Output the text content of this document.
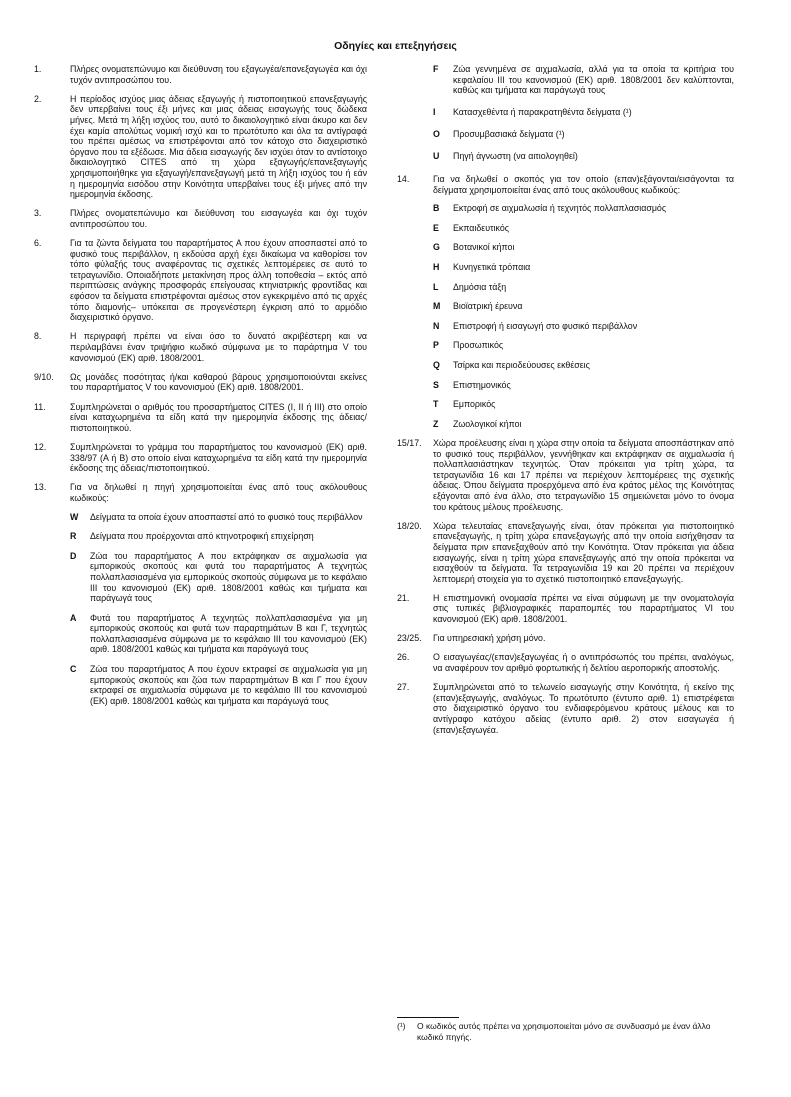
Οδηγίες και επεξηγήσεις
1.	Πλήρες ονοματεπώνυμο και διεύθυνση του εξαγωγέα/επανεξαγωγέα και όχι τυχόν αντιπροσώπου του.
2.	Η περίοδος ισχύος μιας άδειας εξαγωγής ή πιστοποιητικού επανεξαγωγής δεν υπερβαίνει τους έξι μήνες και μιας άδειας εισαγωγής τους δώδεκα μήνες. Μετά τη λήξη ισχύος του, αυτό το δικαιολογητικό είναι άκυρο και δεν έχει καμία απολύτως νομική ισχύ και το πρωτότυπο και όλα τα αντίγραφά του πρέπει αμέσως να επιστρέφονται από τον κάτοχο στο διαχειριστικό όργανο που τα εξέδωσε. Μια άδεια εισαγωγής δεν ισχύει όταν το αντίστοιχο δικαιολογητικό CITES από τη χώρα εξαγωγής/επανεξαγωγής χρησιμοποιήθηκε για εξαγωγή/επανεξαγωγή μετά τη λήξη ισχύος του ή εάν η ημερομηνία εισόδου στην Κοινότητα υπερβαίνει τους έξι μήνες από την ημερομηνία έκδοσης.
3.	Πλήρες ονοματεπώνυμο και διεύθυνση του εισαγωγέα και όχι τυχόν αντιπροσώπου του.
6.	Για τα ζώντα δείγματα του παραρτήματος Α που έχουν αποσπαστεί από το φυσικό τους περιβάλλον, η εκδούσα αρχή έχει δικαίωμα να καθορίσει τον τόπο φύλαξής τους αναφέροντας τις σχετικές λεπτομέρειες σε αυτό το τετραγωνίδιο. Οποιαδήποτε μετακίνηση προς άλλη τοποθεσία – εκτός από περιπτώσεις ανάγκης προσφοράς επείγουσας κτηνιατρικής φροντίδας και εφόσον τα δείγματα επιστρέφονται αμέσως στον εγκεκριμένο από τις αρχές τόπο διαμονής– υπόκειται σε προγενέστερη έγκριση από το αρμόδιο διαχειριστικό όργανο.
8.	Η περιγραφή πρέπει να είναι όσο το δυνατό ακριβέστερη και να περιλαμβάνει έναν τριψήφιο κωδικό σύμφωνα με το παράρτημα V του κανονισμού (ΕΚ) αριθ. 1808/2001.
9/10.	Ως μονάδες ποσότητας ή/και καθαρού βάρους χρησιμοποιούνται εκείνες του παραρτήματος V του κανονισμού (ΕΚ) αριθ. 1808/2001.
11.	Συμπληρώνεται ο αριθμός του προσαρτήματος CITES (I, II ή III) στο οποίο είναι καταχωρημένα τα είδη κατά την ημερομηνία έκδοσης της άδειας/πιστοποιητικού.
12.	Συμπληρώνεται το γράμμα του παραρτήματος του κανονισμού (ΕΚ) αριθ. 338/97 (Α ή Β) στο οποίο είναι καταχωρημένα τα είδη κατά την ημερομηνία έκδοσης της άδειας/πιστοποιητικού.
13.	Για να δηλωθεί η πηγή χρησιμοποιείται ένας από τους ακόλουθους κωδικούς:

W	Δείγματα τα οποία έχουν αποσπαστεί από το φυσικό τους περιβάλλον
R	Δείγματα που προέρχονται από κτηνοτροφική επιχείρηση
D	Ζώα του παραρτήματος Α που εκτράφηκαν σε αιχμαλωσία για εμπορικούς σκοπούς και φυτά του παραρτήματος Α τεχνητώς πολλαπλασιασμένα για εμπορικούς σκοπούς σύμφωνα με το κεφάλαιο III του κανονισμού (ΕΚ) αριθ. 1808/2001 καθώς και τμήματα και παράγωγά τους
A	Φυτά του παραρτήματος Α τεχνητώς πολλαπλασιασμένα για μη εμπορικούς σκοπούς και φυτά των παραρτημάτων Β και Γ, τεχνητώς πολλαπλασιασμένα σύμφωνα με το κεφάλαιο III του κανονισμού (ΕΚ) αριθ. 1808/2001 καθώς και τμήματα και παράγωγά τους
C	Ζώα του παραρτήματος Α που έχουν εκτραφεί σε αιχμαλωσία για μη εμπορικούς σκοπούς και ζώα των παραρτημάτων Β και Γ που έχουν εκτραφεί σε αιχμαλωσία σύμφωνα με το κεφάλαιο III του κανονισμού (ΕΚ) αριθ. 1808/2001 καθώς και τμήματα και παράγωγά τους
F	Ζώα γεννημένα σε αιχμαλωσία, αλλά για τα οποία τα κριτήρια του κεφαλαίου III του κανονισμού (ΕΚ) αριθ. 1808/2001 δεν καλύπτονται, καθώς και τμήματα και παράγωγά τους
I	Κατασχεθέντα ή παρακρατηθέντα δείγματα (¹)
O	Προσυμβασιακά δείγματα (¹)
U	Πηγή άγνωστη (να αιτιολογηθεί)
14.	Για να δηλωθεί ο σκοπός για τον οποίο (επαν)εξάγονται/εισάγονται τα δείγματα χρησιμοποιείται ένας από τους ακόλουθους κωδικούς:

B	Εκτροφή σε αιχμαλωσία ή τεχνητός πολλαπλασιασμός
E	Εκπαιδευτικός
G	Βοτανικοί κήποι
H	Κυνηγετικά τρόπαια
L	Δημόσια τάξη
M	Βιοϊατρική έρευνα
N	Επιστροφή ή εισαγωγή στο φυσικό περιβάλλον
P	Προσωπικός
Q	Τσίρκα και περιοδεύουσες εκθέσεις
S	Επιστημονικός
T	Εμπορικός
Z	Ζωολογικοί κήποι
15/17.	Χώρα προέλευσης είναι η χώρα στην οποία τα δείγματα αποσπάστηκαν από το φυσικό τους περιβάλλον, γεννήθηκαν και εκτράφηκαν σε αιχμαλωσία ή πολλαπλασιάστηκαν τεχνητώς. Όταν πρόκειται για τρίτη χώρα, τα τετραγωνίδια 16 και 17 πρέπει να περιέχουν λεπτομέρειες της σχετικής άδειας. Όπου δείγματα προερχόμενα από ένα κράτος μέλος της Κοινότητας εξάγονται από ένα άλλο, στο τετραγωνίδιο 15 σημειώνεται μόνο το όνομα του κράτους μέλους προέλευσης.
18/20.	Χώρα τελευταίας επανεξαγωγής είναι, όταν πρόκειται για πιστοποιητικό επανεξαγωγής, η τρίτη χώρα επανεξαγωγής από την οποία εισήχθησαν τα δείγματα πριν επανεξαχθούν από την Κοινότητα. Όταν πρόκειται για άδεια εισαγωγής, είναι η τρίτη χώρα επανεξαγωγής από την οποία πρόκειται να εισαχθούν τα δείγματα. Τα τετραγωνίδια 19 και 20 πρέπει να περιέχουν λεπτομερή στοιχεία για το σχετικό πιστοποιητικό επανεξαγωγής.
21.	Η επιστημονική ονομασία πρέπει να είναι σύμφωνη με την ονοματολογία στις τυπικές βιβλιογραφικές παραπομπές του παραρτήματος VI του κανονισμού (ΕΚ) αριθ. 1808/2001.
23/25.	Για υπηρεσιακή χρήση μόνο.
26.	Ο εισαγωγέας/(επαν)εξαγωγέας ή ο αντιπρόσωπός του πρέπει, αναλόγως, να αναφέρουν τον αριθμό φορτωτικής ή δελτίου αεροπορικής αποστολής.
27.	Συμπληρώνεται από το τελωνείο εισαγωγής στην Κοινότητα, ή εκείνο της (επαν)εξαγωγής, αναλόγως. Το πρωτότυπο (έντυπο αριθ. 1) επιστρέφεται στο διαχειριστικό όργανο του ενδιαφερόμενου κράτους μέλους και το αντίγραφο κατόχου αδείας (έντυπο αριθ. 2) στον εισαγωγέα ή (επαν)εξαγωγέα.
(¹)	Ο κωδικός αυτός πρέπει να χρησιμοποιείται μόνο σε συνδυασμό με έναν άλλο κωδικό πηγής.
